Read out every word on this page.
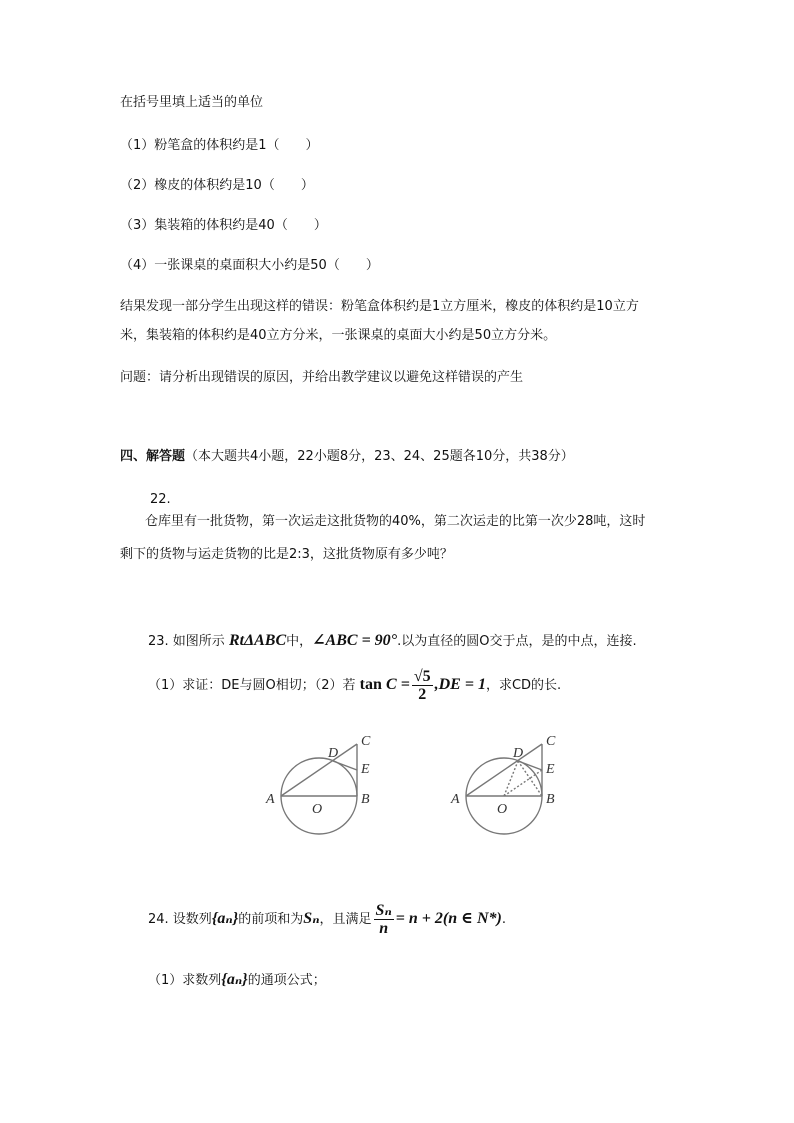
在括号里填上适当的单位
（1）粉笔盒的体积约是1（　　）
（2）橡皮的体积约是10（　　）
（3）集装箱的体积约是40（　　）
（4）一张课桌的桌面积大小约是50（　　）
结果发现一部分学生出现这样的错误：粉笔盒体积约是1立方厘米，橡皮的体积约是10立方
米，集装箱的体积约是40立方分米，一张课桌的桌面大小约是50立方分米。
问题：请分析出现错误的原因，并给出教学建议以避免这样错误的产生
四、解答题（本大题共4小题，22小题8分，23、24、25题各10分，共38分）
22.
仓库里有一批货物，第一次运走这批货物的40%，第二次运走的比第一次少28吨，这时
剩下的货物与运走货物的比是2:3，这批货物原有多少吨？
23. 如图所示 RtΔABC中，∠ABC = 90°.以为直径的圆O交于点，是的中点，连接.
（1）求证：DE与圆O相切；（2）若 $\tan C = \frac{√5}{2} ,DE = 1$，求CD的长.
A	B
C
D
E
O
A	B
C
D
E
O
24. 设数列{aₙ}的前项和为Sₙ，且满足 $\frac{\text{Sₙ}}{n} = n + 2(n$ ∈ N*).
（1）求数列{aₙ}的通项公式；
